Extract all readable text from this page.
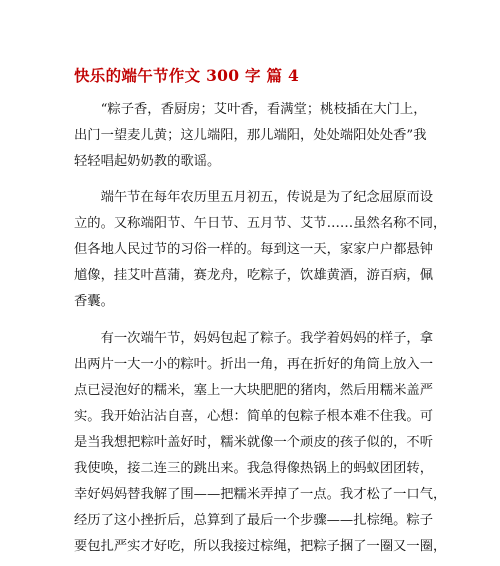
快乐的端午节作文 300 字 篇 4

“粽子香，香厨房；艾叶香，看满堂；桃枝插在大门上，
出门一望麦儿黄；这儿端阳，那儿端阳，处处端阳处处香”我
轻轻唱起奶奶教的歌谣。

端午节在每年农历里五月初五，传说是为了纪念屈原而设
立的。又称端阳节、午日节、五月节、艾节……虽然名称不同，
但各地人民过节的习俗一样的。每到这一天，家家户户都悬钟
馗像，挂艾叶菖蒲，赛龙舟，吃粽子，饮雄黄酒，游百病，佩
香囊。

有一次端午节，妈妈包起了粽子。我学着妈妈的样子，拿
出两片一大一小的粽叶。折出一角，再在折好的角筒上放入一
点已浸泡好的糯米，塞上一大块肥肥的猪肉，然后用糯米盖严
实。我开始沾沾自喜，心想：简单的包粽子根本难不住我。可
是当我想把粽叶盖好时，糯米就像一个顽皮的孩子似的，不听
我使唤，接二连三的跳出来。我急得像热锅上的蚂蚁团团转，
幸好妈妈替我解了围——把糯米弄掉了一点。我才松了一口气，
经历了这小挫折后，总算到了最后一个步骤——扎棕绳。粽子
要包扎严实才好吃，所以我接过棕绳，把粽子捆了一圈又一圈，
